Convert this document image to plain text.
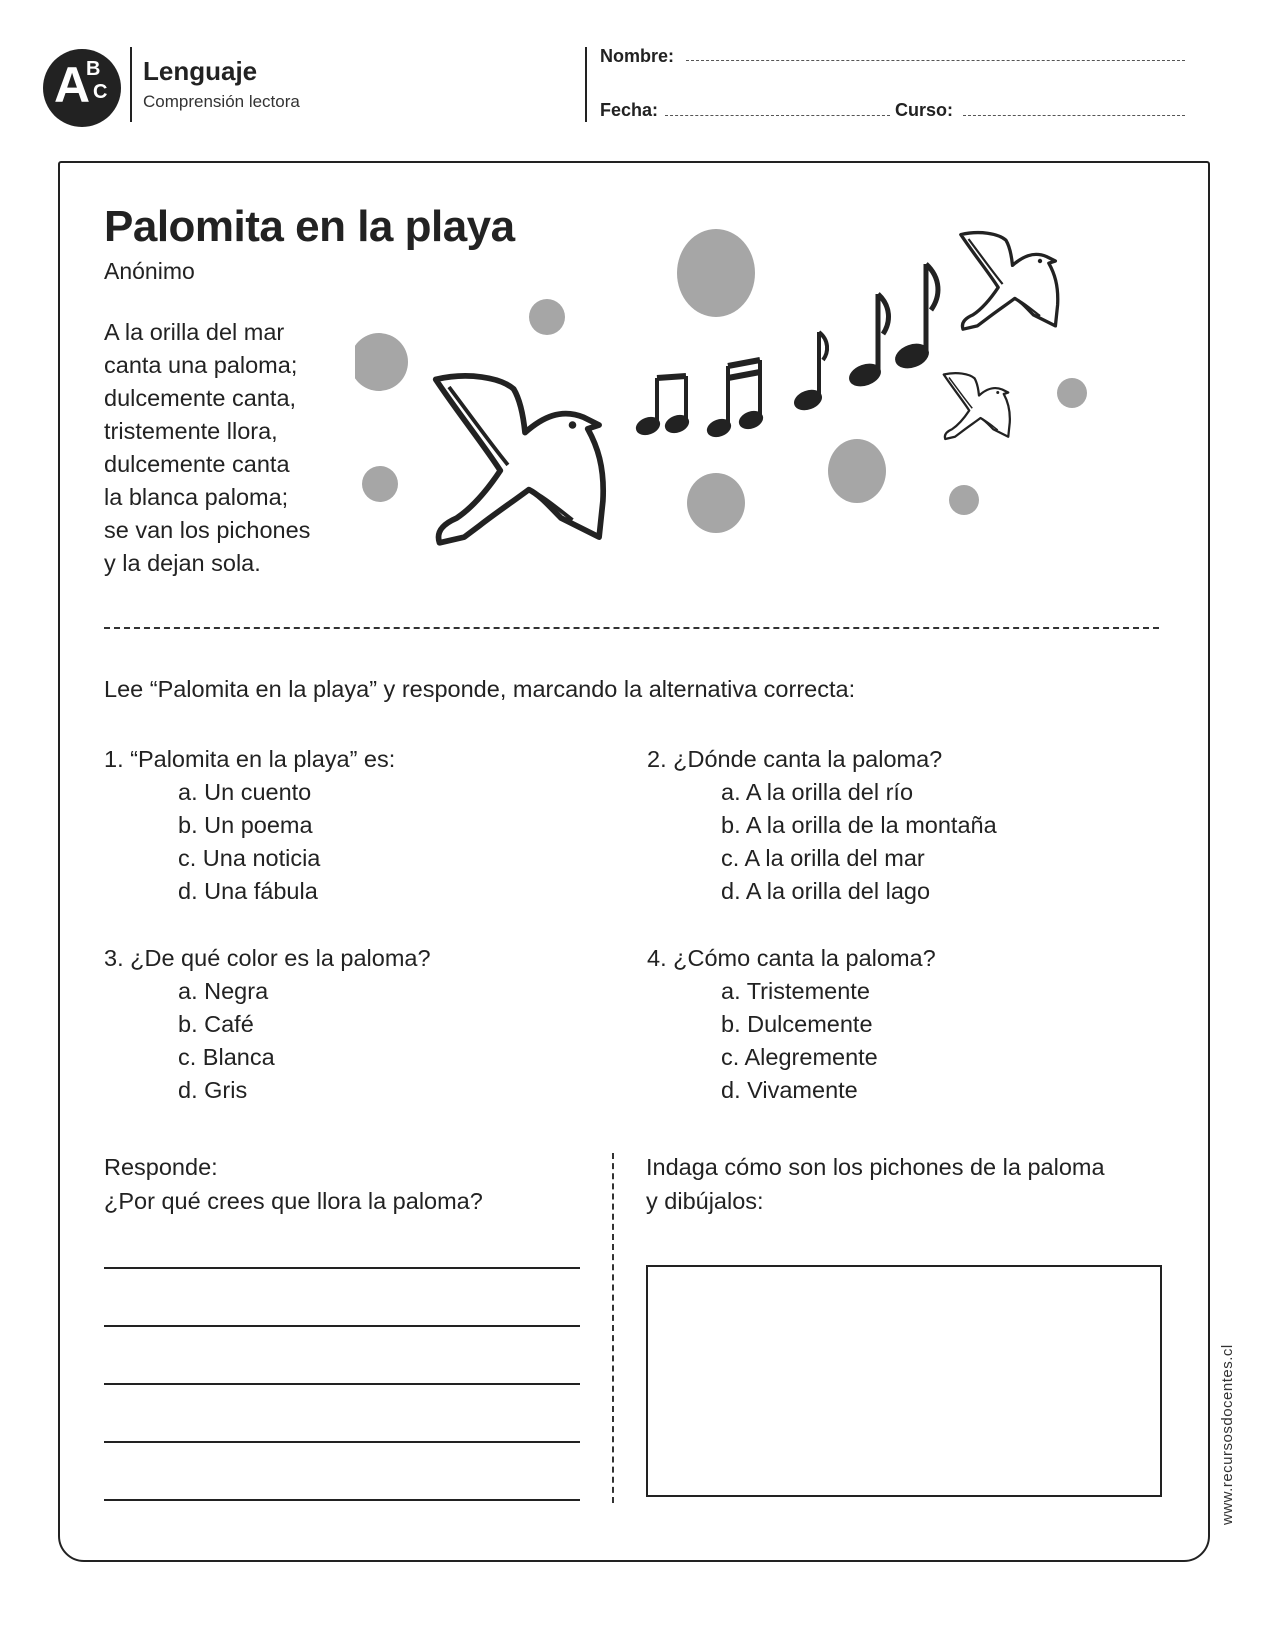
A
B
C
Lenguaje
Comprensión lectora
Nombre:
Fecha:	Curso:
Palomita en la playa
Anónimo
A la orilla del mar
canta una paloma;
dulcemente canta,
tristemente llora,
dulcemente canta
la blanca paloma;
se van los pichones
y la dejan sola.
Lee “Palomita en la playa” y responde, marcando la alternativa correcta:
1. “Palomita en la playa” es:
a. Un cuento
b. Un poema
c. Una noticia
d. Una fábula
2. ¿Dónde canta la paloma?
a. A la orilla del río
b. A la orilla de la montaña
c. A la orilla del mar
d. A la orilla del lago
3. ¿De qué color es la paloma?
a. Negra
b. Café
c. Blanca
d. Gris
4. ¿Cómo canta la paloma?
a. Tristemente
b. Dulcemente
c. Alegremente
d. Vivamente
Responde:
¿Por qué crees que llora la paloma?
Indaga cómo son los pichones de la paloma
y dibújalos:
www.recursosdocentes.cl
